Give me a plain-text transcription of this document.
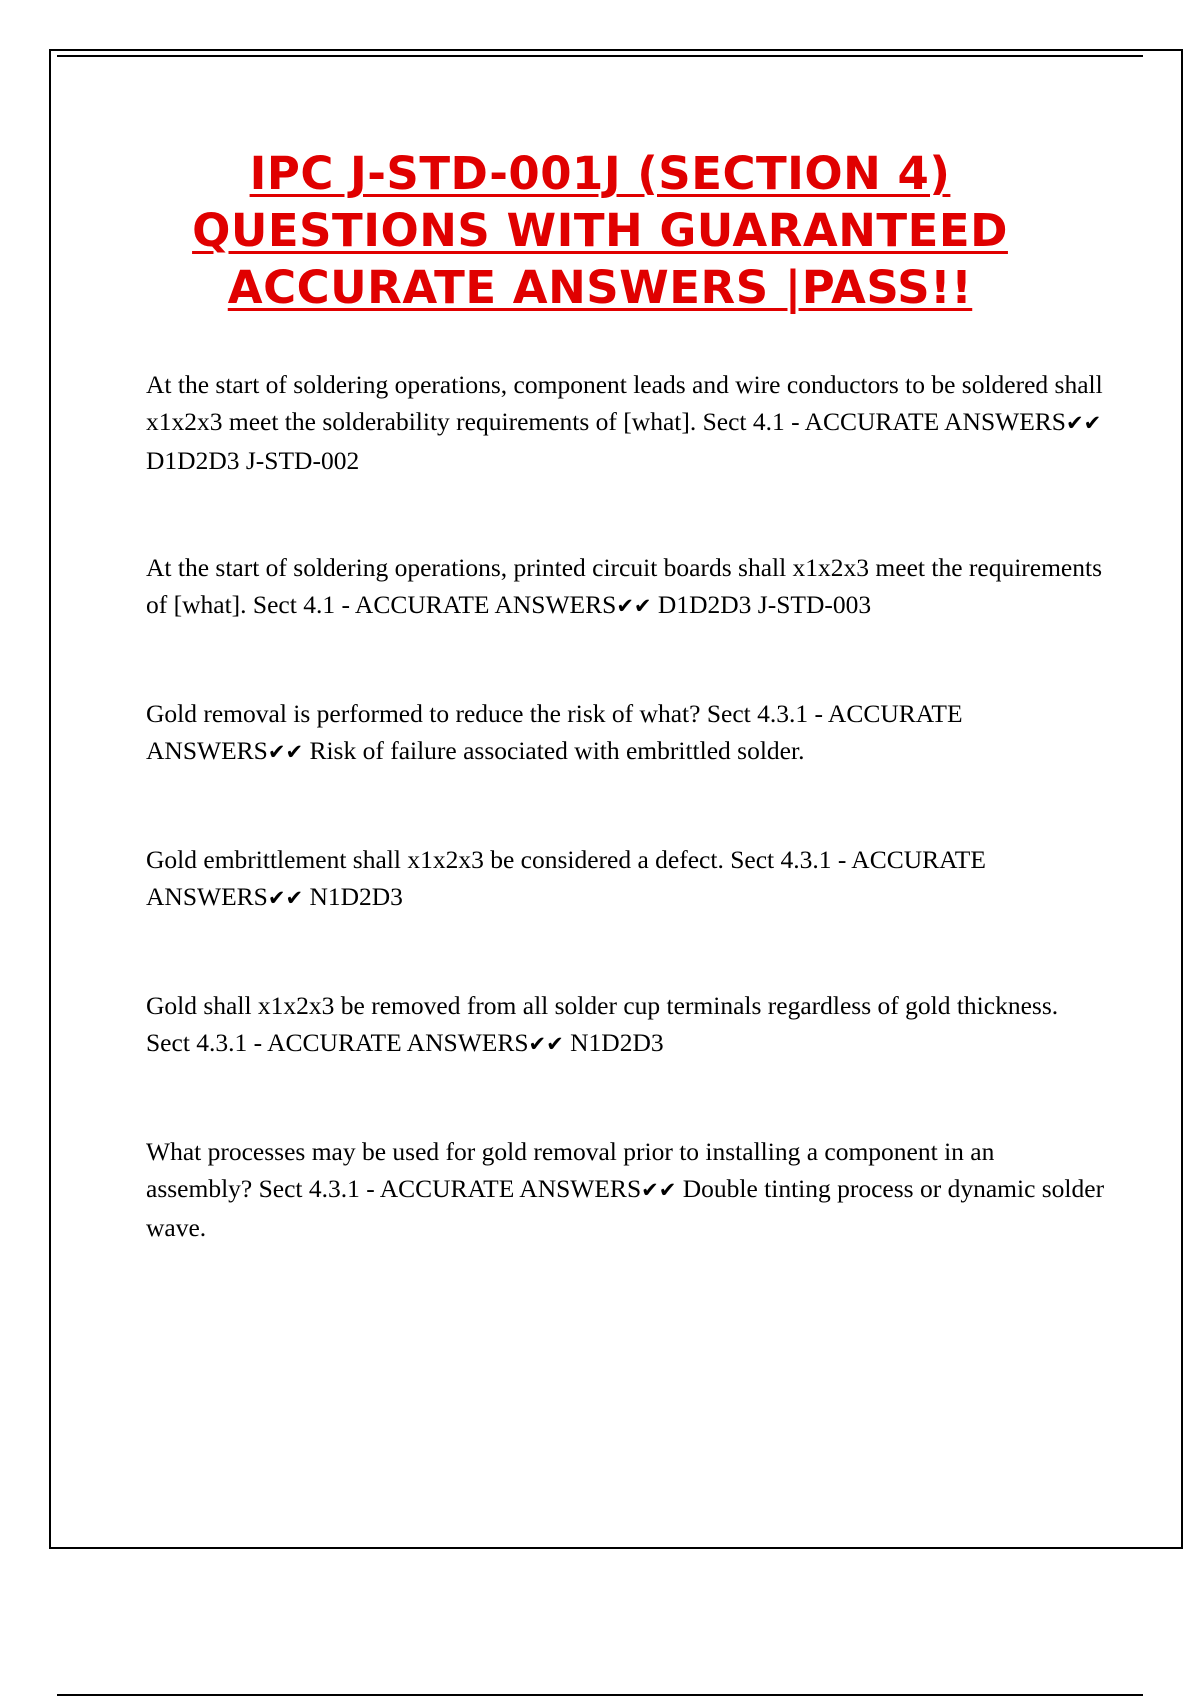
IPC J-STD-001J (SECTION 4) QUESTIONS WITH GUARANTEED ACCURATE ANSWERS |PASS!!

At the start of soldering operations, component leads and wire conductors to be soldered shall x1x2x3 meet the solderability requirements of [what]. Sect 4.1 - ACCURATE ANSWERS✔✔ D1D2D3 J-STD-002

At the start of soldering operations, printed circuit boards shall x1x2x3 meet the requirements of [what]. Sect 4.1 - ACCURATE ANSWERS✔✔ D1D2D3 J-STD-003

Gold removal is performed to reduce the risk of what? Sect 4.3.1 - ACCURATE ANSWERS✔✔ Risk of failure associated with embrittled solder.

Gold embrittlement shall x1x2x3 be considered a defect. Sect 4.3.1 - ACCURATE ANSWERS✔✔ N1D2D3

Gold shall x1x2x3 be removed from all solder cup terminals regardless of gold thickness. Sect 4.3.1 - ACCURATE ANSWERS✔✔ N1D2D3

What processes may be used for gold removal prior to installing a component in an assembly? Sect 4.3.1 - ACCURATE ANSWERS✔✔ Double tinting process or dynamic solder wave.
